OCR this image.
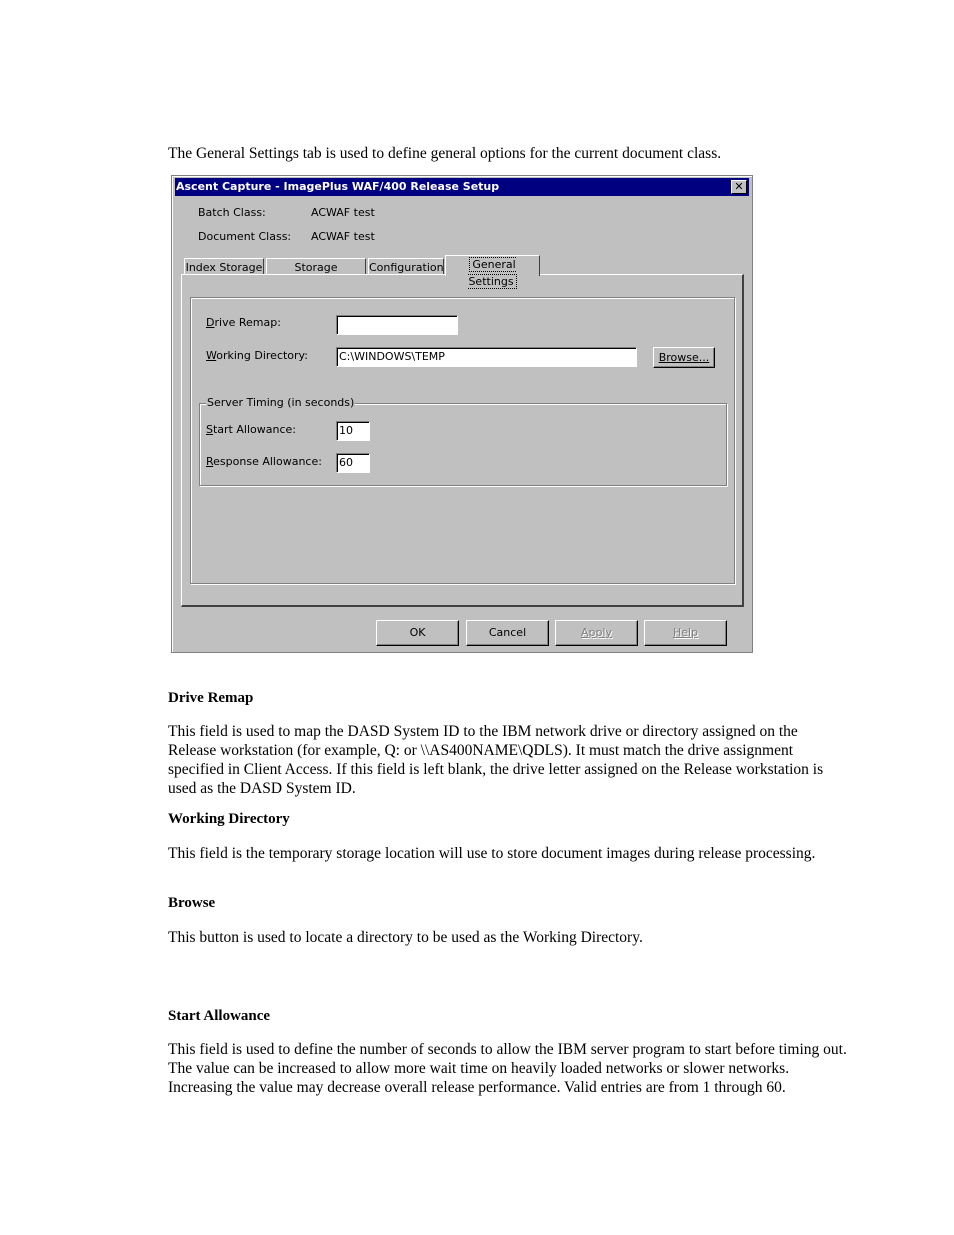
The General Settings tab is used to define general options for the current document class.
Ascent Capture - ImagePlus WAF/400 Release Setup	✕
Batch Class:	ACWAF test
Document Class: ACWAF test
Index Storage	Storage	Configuration	General Settings
Drive Remap:
Working Directory:	C:\WINDOWS\TEMP	Browse...
Server Timing (in seconds)
Start Allowance:	10
Response Allowance: 60
OK	Cancel	Apply	Help
Drive Remap
This field is used to map the DASD System ID to the IBM network drive or directory assigned on the Release workstation (for example, Q: or \\AS400NAME\QDLS). It must match the drive assignment specified in Client Access. If this field is left blank, the drive letter assigned on the Release workstation is used as the DASD System ID.
Working Directory
This field is the temporary storage location will use to store document images during release processing.
Browse
This button is used to locate a directory to be used as the Working Directory.
Start Allowance
This field is used to define the number of seconds to allow the IBM server program to start before timing out. The value can be increased to allow more wait time on heavily loaded networks or slower networks. Increasing the value may decrease overall release performance. Valid entries are from 1 through 60.
